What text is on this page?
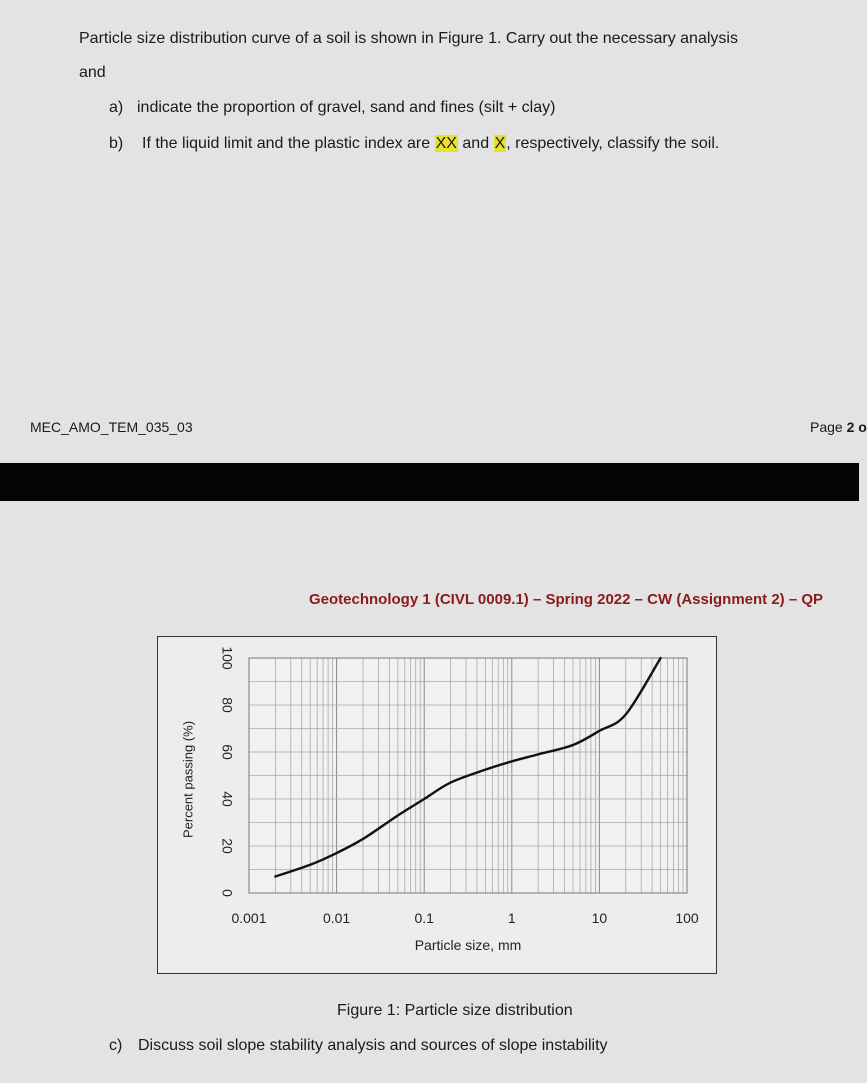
Particle size distribution curve of a soil is shown in Figure 1. Carry out the necessary analysis
and
a) indicate the proportion of gravel, sand and fines (silt + clay)
b) If the liquid limit and the plastic index are XX and X, respectively, classify the soil.
MEC_AMO_TEM_035_03	Page 2 o
Geotechnology 1 (CIVL 0009.1) – Spring 2022 – CW (Assignment 2) – QP
0.001	0.01	0.1	1	10	100
0
20
40
60
80
100
Particle size, mm
Percent passing (%)
Figure 1: Particle size distribution
c) Discuss soil slope stability analysis and sources of slope instability
